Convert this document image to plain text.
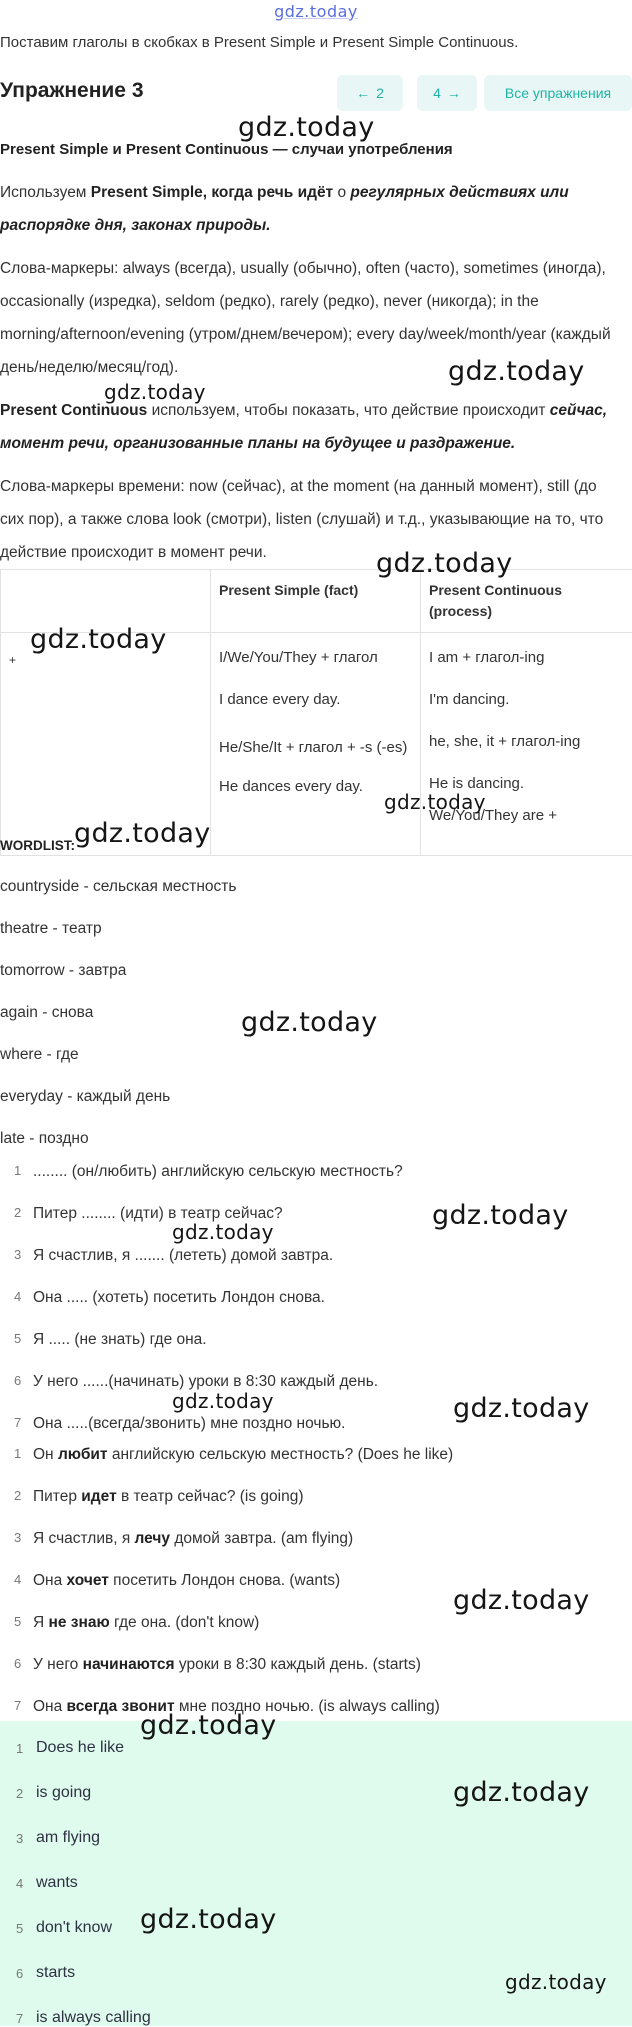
gdz.today
Поставим глаголы в скобках в Present Simple и Present Simple Continuous.
Упражнение 3	← 2	4 →	Все упражнения
Present Simple и Present Continuous — случаи употребления
Используем Present Simple, когда речь идёт о регулярных действиях или распорядке дня, законах природы.
Слова-маркеры: always (всегда), usually (обычно), often (часто), sometimes (иногда), occasionally (изредка), seldom (редко), rarely (редко), never (никогда); in the morning/afternoon/evening (утром/днем/вечером); every day/week/month/year (каждый день/неделю/месяц/год).
Present Continuous используем, чтобы показать, что действие происходит сейчас, момент речи, организованные планы на будущее и раздражение.
Слова-маркеры времени: now (сейчас), at the moment (на данный момент), still (до сих пор), а также слова look (смотри), listen (слушай) и т.д., указывающие на то, что действие происходит в момент речи.
	Present Simple (fact)	Present Continuous (process)
+	I/We/You/They + глагол
I dance every day.
He/She/It + глагол + -s (-es)
He dances every day.	I am + глагол-ing
I'm dancing.
he, she, it + глагол-ing
He is dancing.
We/You/They are +
WORDLIST:
countryside - сельская местность
theatre - театр
tomorrow - завтра
again - снова
where - где
everyday - каждый день
late - поздно
1 ........ (он/любить) английскую сельскую местность?
2 Питер ........ (идти) в театр сейчас?
3 Я счастлив, я ....... (лететь) домой завтра.
4 Она ..... (хотеть) посетить Лондон снова.
5 Я ..... (не знать) где она.
6 У него ......(начинать) уроки в 8:30 каждый день.
7 Она .....(всегда/звонить) мне поздно ночью.
1 Он любит английскую сельскую местность? (Does he like)
2 Питер идет в театр сейчас? (is going)
3 Я счастлив, я лечу домой завтра. (am flying)
4 Она хочет посетить Лондон снова. (wants)
5 Я не знаю где она. (don't know)
6 У него начинаются уроки в 8:30 каждый день. (starts)
7 Она всегда звонит мне поздно ночью. (is always calling)
1 Does he like
2 is going
3 am flying
4 wants
5 don't know
6 starts
7 is always calling
gdz.today
gdz.today
gdz.today
gdz.today
gdz.today
gdz.today
gdz.today
gdz.today
gdz.today
gdz.today
gdz.today	gdz.today
gdz.today
gdz.today
gdz.today
gdz.today
gdz.today
